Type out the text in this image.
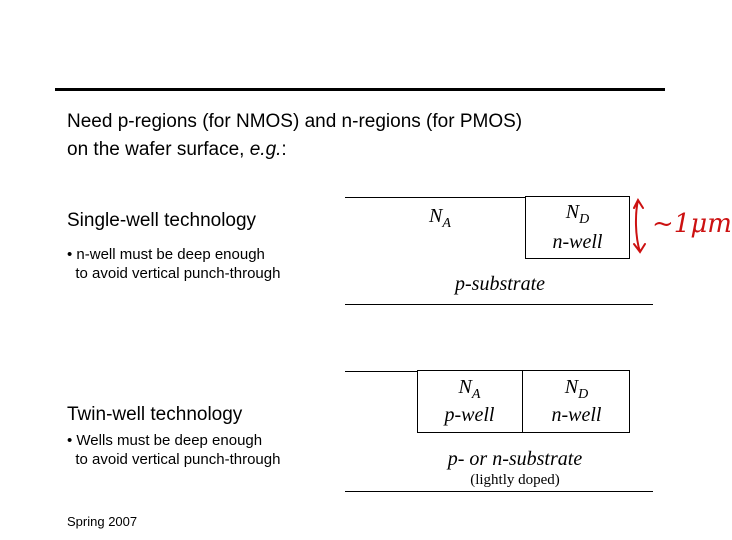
Need p-regions (for NMOS) and n-regions (for PMOS)
on the wafer surface, e.g.:
Single-well technology
• n-well must be deep enough
to avoid vertical punch-through
$N_A$
$N_D$
n-well
p-substrate
~1μm
Twin-well technology
• Wells must be deep enough
to avoid vertical punch-through
$N_A$
p-well
$N_D$
n-well
p- or n-substrate
(lightly doped)
Spring 2007
